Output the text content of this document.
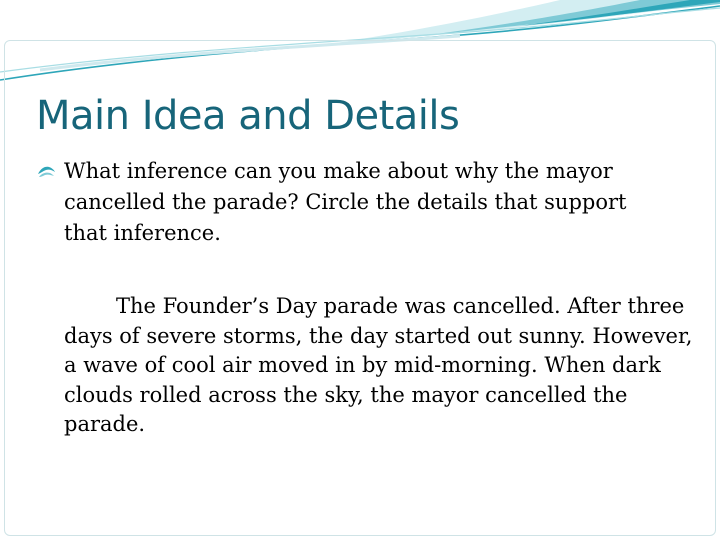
Main Idea and Details

What inference can you make about why the mayor cancelled the parade? Circle the details that support that inference.

The Founder’s Day parade was cancelled. After three days of severe storms, the day started out sunny. However, a wave of cool air moved in by mid-morning. When dark clouds rolled across the sky, the mayor cancelled the parade.
